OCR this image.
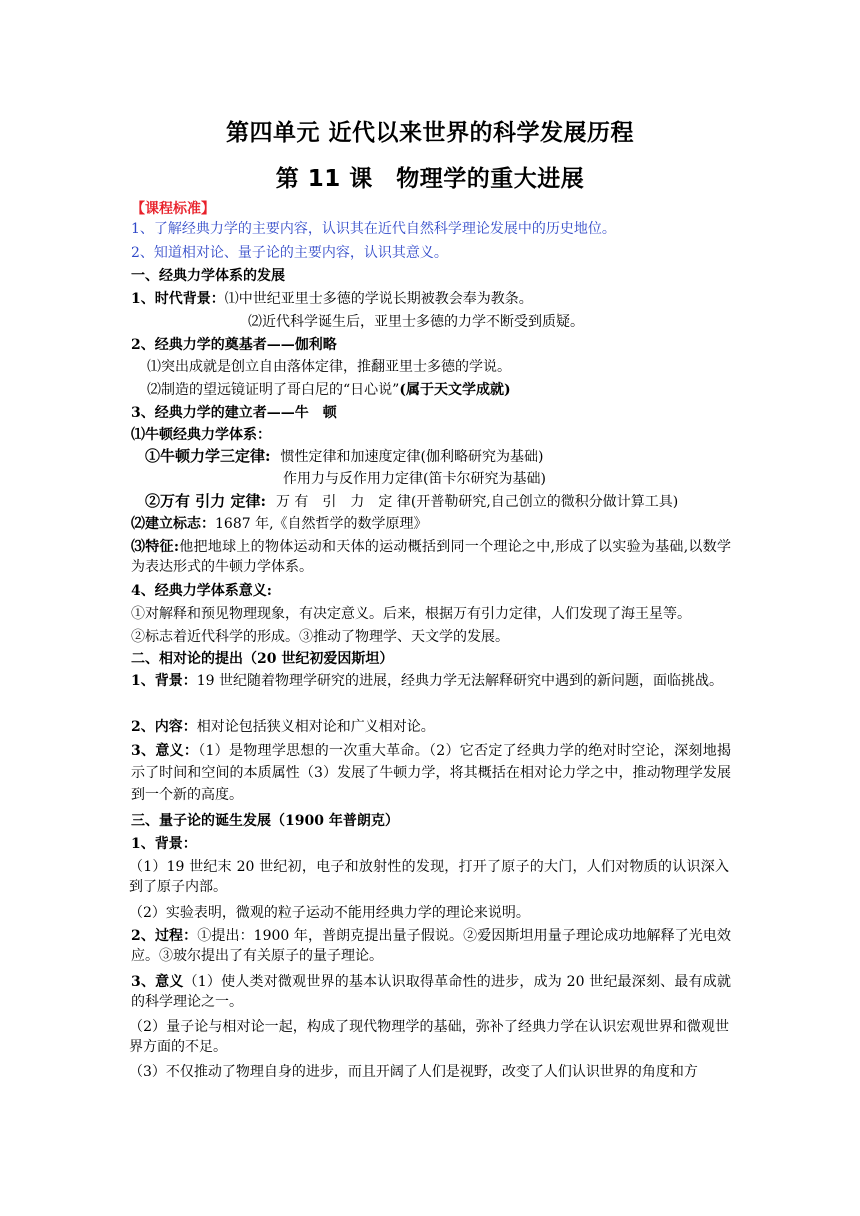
第四单元 近代以来世界的科学发展历程
第 11 课　物理学的重大进展
【课程标准】
1、了解经典力学的主要内容，认识其在近代自然科学理论发展中的历史地位。
2、知道相对论、量子论的主要内容，认识其意义。
一、经典力学体系的发展
1、时代背景：⑴中世纪亚里士多德的学说长期被教会奉为教条。
⑵近代科学诞生后，亚里士多德的力学不断受到质疑。
2、经典力学的奠基者——伽利略
⑴突出成就是创立自由落体定律，推翻亚里士多德的学说。
⑵制造的望远镜证明了哥白尼的“日心说”(属于天文学成就)
3、经典力学的建立者——牛　顿
⑴牛顿经典力学体系：
①牛顿力学三定律: 惯性定律和加速度定律(伽利略研究为基础)
作用力与反作用力定律(笛卡尔研究为基础)
②万有 引力 定律: 万 有　引　力　定 律(开普勒研究,自己创立的微积分做计算工具)
⑵建立标志：1687 年,《自然哲学的数学原理》
⑶特征:他把地球上的物体运动和天体的运动概括到同一个理论之中,形成了以实验为基础,以数学为表达形式的牛顿力学体系。
4、经典力学体系意义:
①对解释和预见物理现象，有决定意义。后来，根据万有引力定律，人们发现了海王星等。
②标志着近代科学的形成。③推动了物理学、天文学的发展。
二、相对论的提出（20 世纪初爱因斯坦）
1、背景：19 世纪随着物理学研究的进展，经典力学无法解释研究中遇到的新问题，面临挑战。
2、内容：相对论包括狭义相对论和广义相对论。
3、意义：（1）是物理学思想的一次重大革命。（2）它否定了经典力学的绝对时空论，深刻地揭示了时间和空间的本质属性（3）发展了牛顿力学，将其概括在相对论力学之中，推动物理学发展到一个新的高度。
三、量子论的诞生发展（1900 年普朗克）
1、背景：
（1）19 世纪末 20 世纪初，电子和放射性的发现，打开了原子的大门，人们对物质的认识深入到了原子内部。
（2）实验表明，微观的粒子运动不能用经典力学的理论来说明。
2、过程：①提出：1900 年，普朗克提出量子假说。②爱因斯坦用量子理论成功地解释了光电效应。③玻尔提出了有关原子的量子理论。
3、意义（1）使人类对微观世界的基本认识取得革命性的进步，成为 20 世纪最深刻、最有成就的科学理论之一。
（2）量子论与相对论一起，构成了现代物理学的基础，弥补了经典力学在认识宏观世界和微观世界方面的不足。
（3）不仅推动了物理自身的进步，而且开阔了人们是视野，改变了人们认识世界的角度和方
